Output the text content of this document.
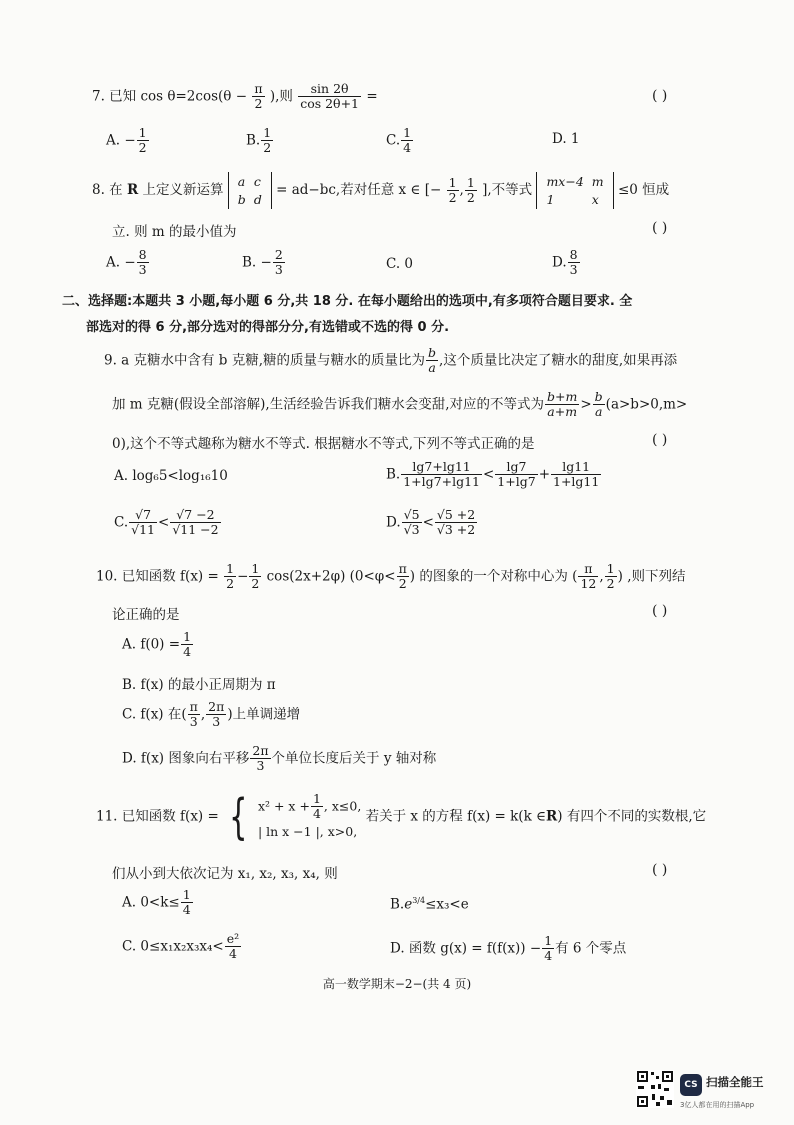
7. 已知 $\cos \theta=2\cos(\theta - \frac{\pi}{2}$ ),则 $\frac{\sin 2\theta}{\cos 2\theta+1}$ =	( )
A. − $\frac{1}{2}$	B. $\frac{1}{2}$	C. $\frac{1}{4}$	D. 1
8. 在 R 上定义新运算
a	c
b	d
= ad−bc,若对任意 x ∈ [− $\frac{1}{2}$ , $\frac{1}{2}$ ],不等式
mx−4	m
1	x
≤0 恒成
立. 则 m 的最小值为	( )
A. − $\frac{8}{3}$	B. − $\frac{2}{3}$	C. 0	D. $\frac{8}{3}$
二、选择题:本题共 3 小题,每小题 6 分,共 18 分. 在每小题给出的选项中,有多项符合题目要求. 全
部选对的得 6 分,部分选对的得部分分,有选错或不选的得 0 分.
9. a 克糖水中含有 b 克糖,糖的质量与糖水的质量比为 $\frac{b}{a}$ ,这个质量比决定了糖水的甜度,如果再添
加 m 克糖(假设全部溶解),生活经验告诉我们糖水会变甜,对应的不等式为 $\frac{b+m}{a+m} > \frac{b}{a} (a>b>0,m>$
0),这个不等式趣称为糖水不等式. 根据糖水不等式,下列不等式正确的是	( )
A. log₆5<log₁₆10	B. $\frac{\lg 7+\lg 11}{1+\lg 7+\lg 11} < \frac{\lg 7}{1+\lg 7} + \frac{\lg 11}{1+\lg 11}$
C. $\frac{√7}{√11} < \frac{√7 -2}{√11 -2}$	D. $\frac{√5}{√3} < \frac{√5 +2}{√3 +2}$
10. 已知函数 $f(x) = \frac{1}{2} - \frac{1}{2} \cos(2x+2\varphi)$ ($0<\varphi< \frac{\pi}{2}$ ) 的图象的一个对称中心为 ( $\frac{\pi}{12}$ , $\frac{1}{2}$ ) ,则下列结
论正确的是	( )
A. $f(0) = \frac{1}{4}$
B. f(x) 的最小正周期为 π
C. f(x) 在( $\frac{\pi}{3}$ , $\frac{2\pi}{3}$ )上单调递增
D. f(x) 图象向右平移 $\frac{2\pi}{3}$ 个单位长度后关于 y 轴对称
11. 已知函数 f(x) = { $x^2 + x + \frac{1}{4}$ , x≤0,
| ln x −1 |, x>0,
若关于 x 的方程 f(x) = k(k ∈R) 有四个不同的实数根,它
们从小到大依次记为 x₁, x₂, x₃, x₄, 则	( )
A. $0<k\le \frac{1}{4}$	$B.e^{3/4}\le x_3<e$
C. $0\le x_1x_2x_3x_4< \frac{\text{e²}}{4}$	D. 函数 $g(x) = f(f(x)) - \frac{1}{4}$ 有 6 个零点
高一数学期末−2−(共 4 页)
CS 扫描全能王
3亿人都在用的扫描App
